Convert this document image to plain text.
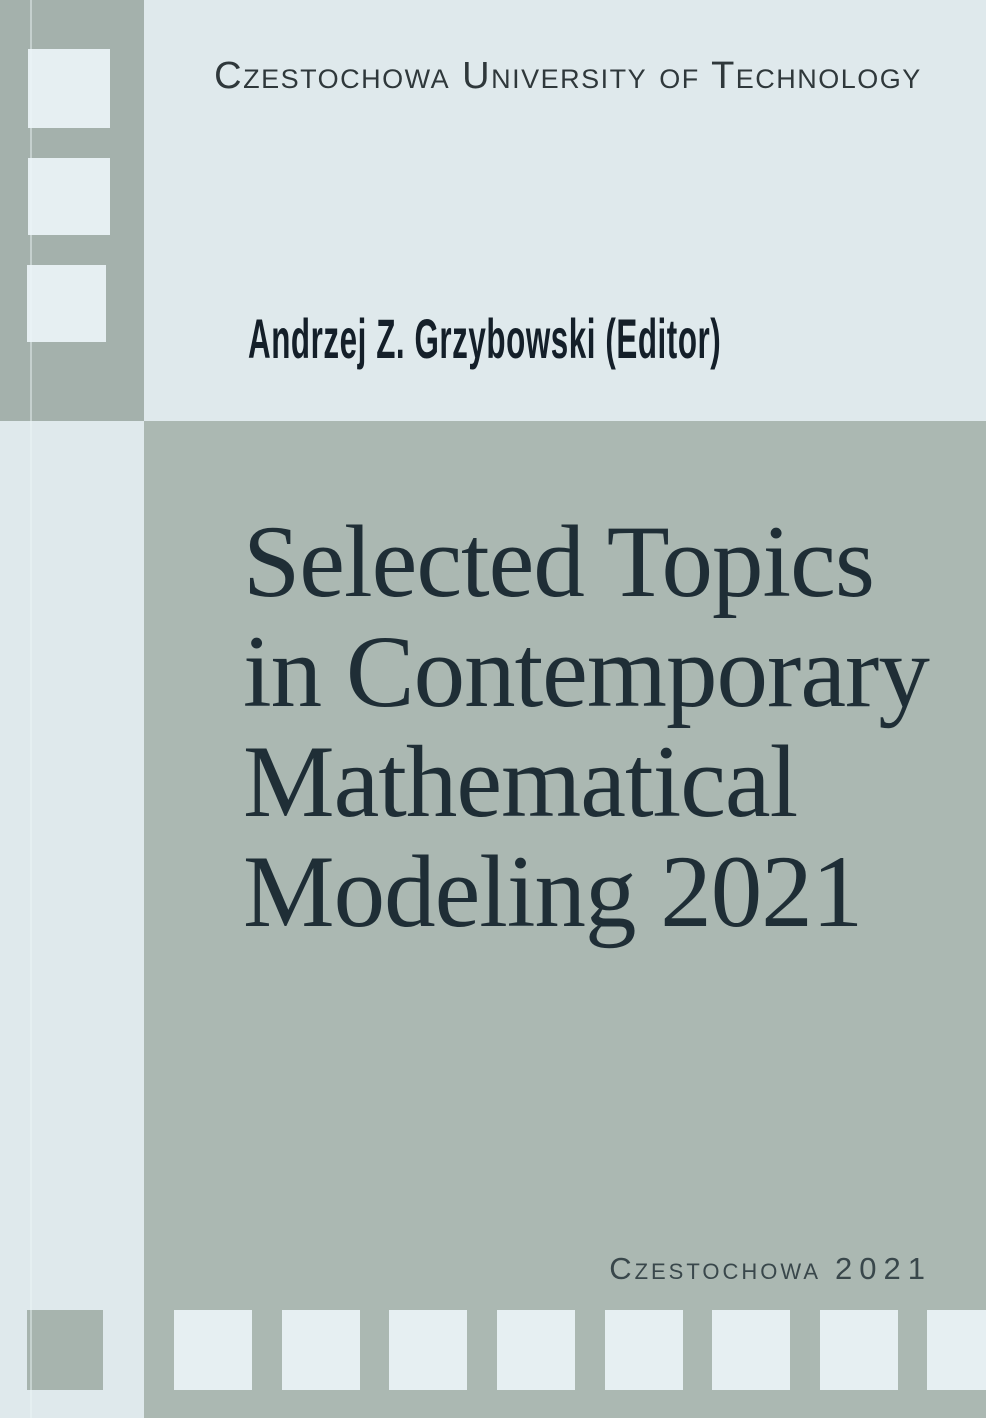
Czestochowa University of Technology
Andrzej Z. Grzybowski (Editor)
Selected Topics
in Contemporary
Mathematical
Modeling 2021
Czestochowa 2021
